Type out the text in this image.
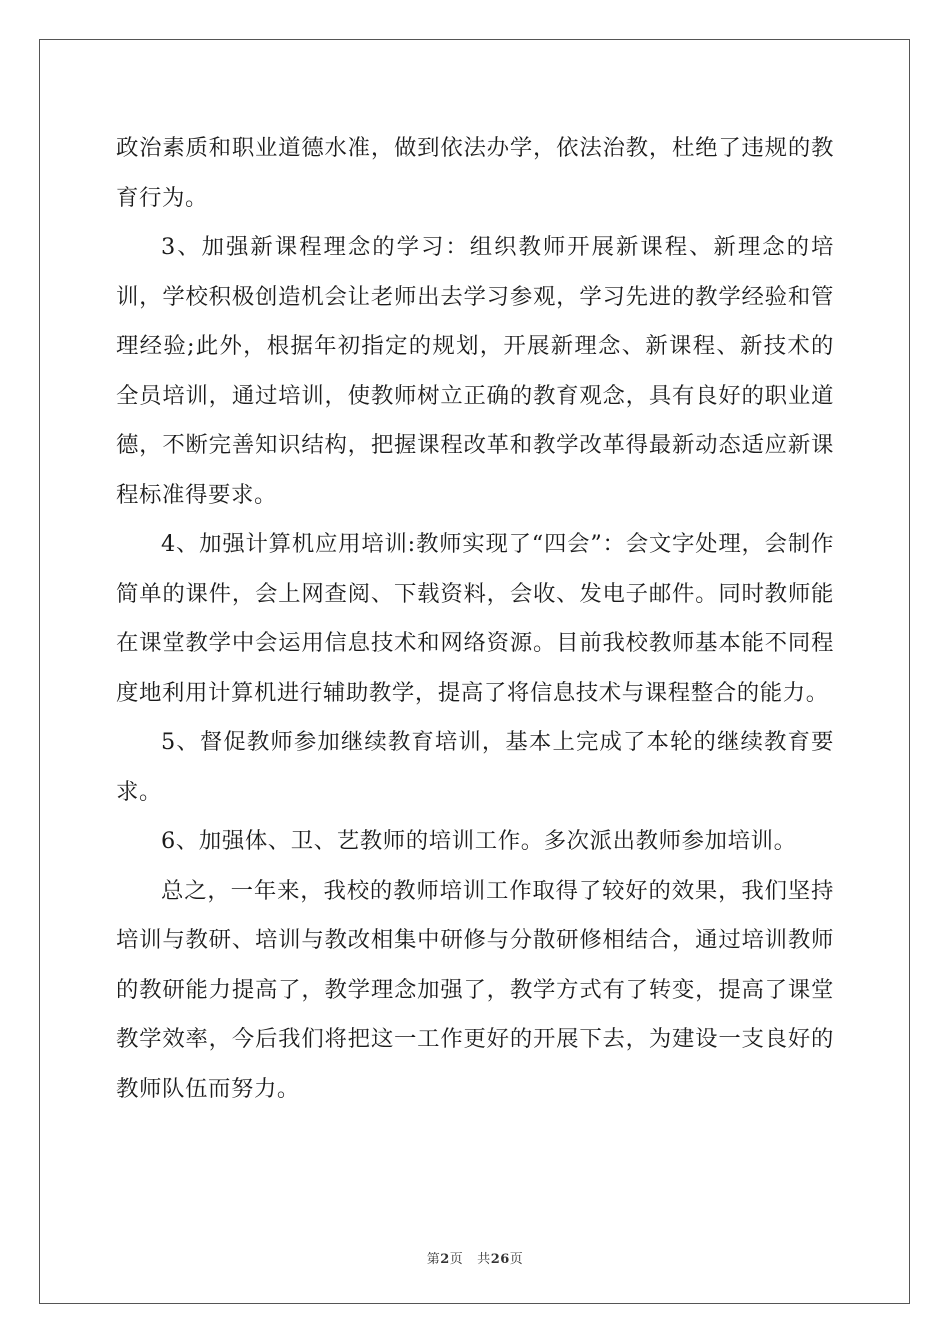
政治素质和职业道德水准，做到依法办学，依法治教，杜绝了违规的教育行为。

3、加强新课程理念的学习：组织教师开展新课程、新理念的培训，学校积极创造机会让老师出去学习参观，学习先进的教学经验和管理经验;此外，根据年初指定的规划，开展新理念、新课程、新技术的全员培训，通过培训，使教师树立正确的教育观念，具有良好的职业道德，不断完善知识结构，把握课程改革和教学改革得最新动态适应新课程标准得要求。

4、加强计算机应用培训:教师实现了“四会”：会文字处理，会制作简单的课件，会上网查阅、下载资料，会收、发电子邮件。同时教师能在课堂教学中会运用信息技术和网络资源。目前我校教师基本能不同程度地利用计算机进行辅助教学，提高了将信息技术与课程整合的能力。

5、督促教师参加继续教育培训，基本上完成了本轮的继续教育要求。

6、加强体、卫、艺教师的培训工作。多次派出教师参加培训。

总之，一年来，我校的教师培训工作取得了较好的效果，我们坚持培训与教研、培训与教改相集中研修与分散研修相结合，通过培训教师的教研能力提高了，教学理念加强了，教学方式有了转变，提高了课堂教学效率，今后我们将把这一工作更好的开展下去，为建设一支良好的教师队伍而努力。

第2页 共26页
